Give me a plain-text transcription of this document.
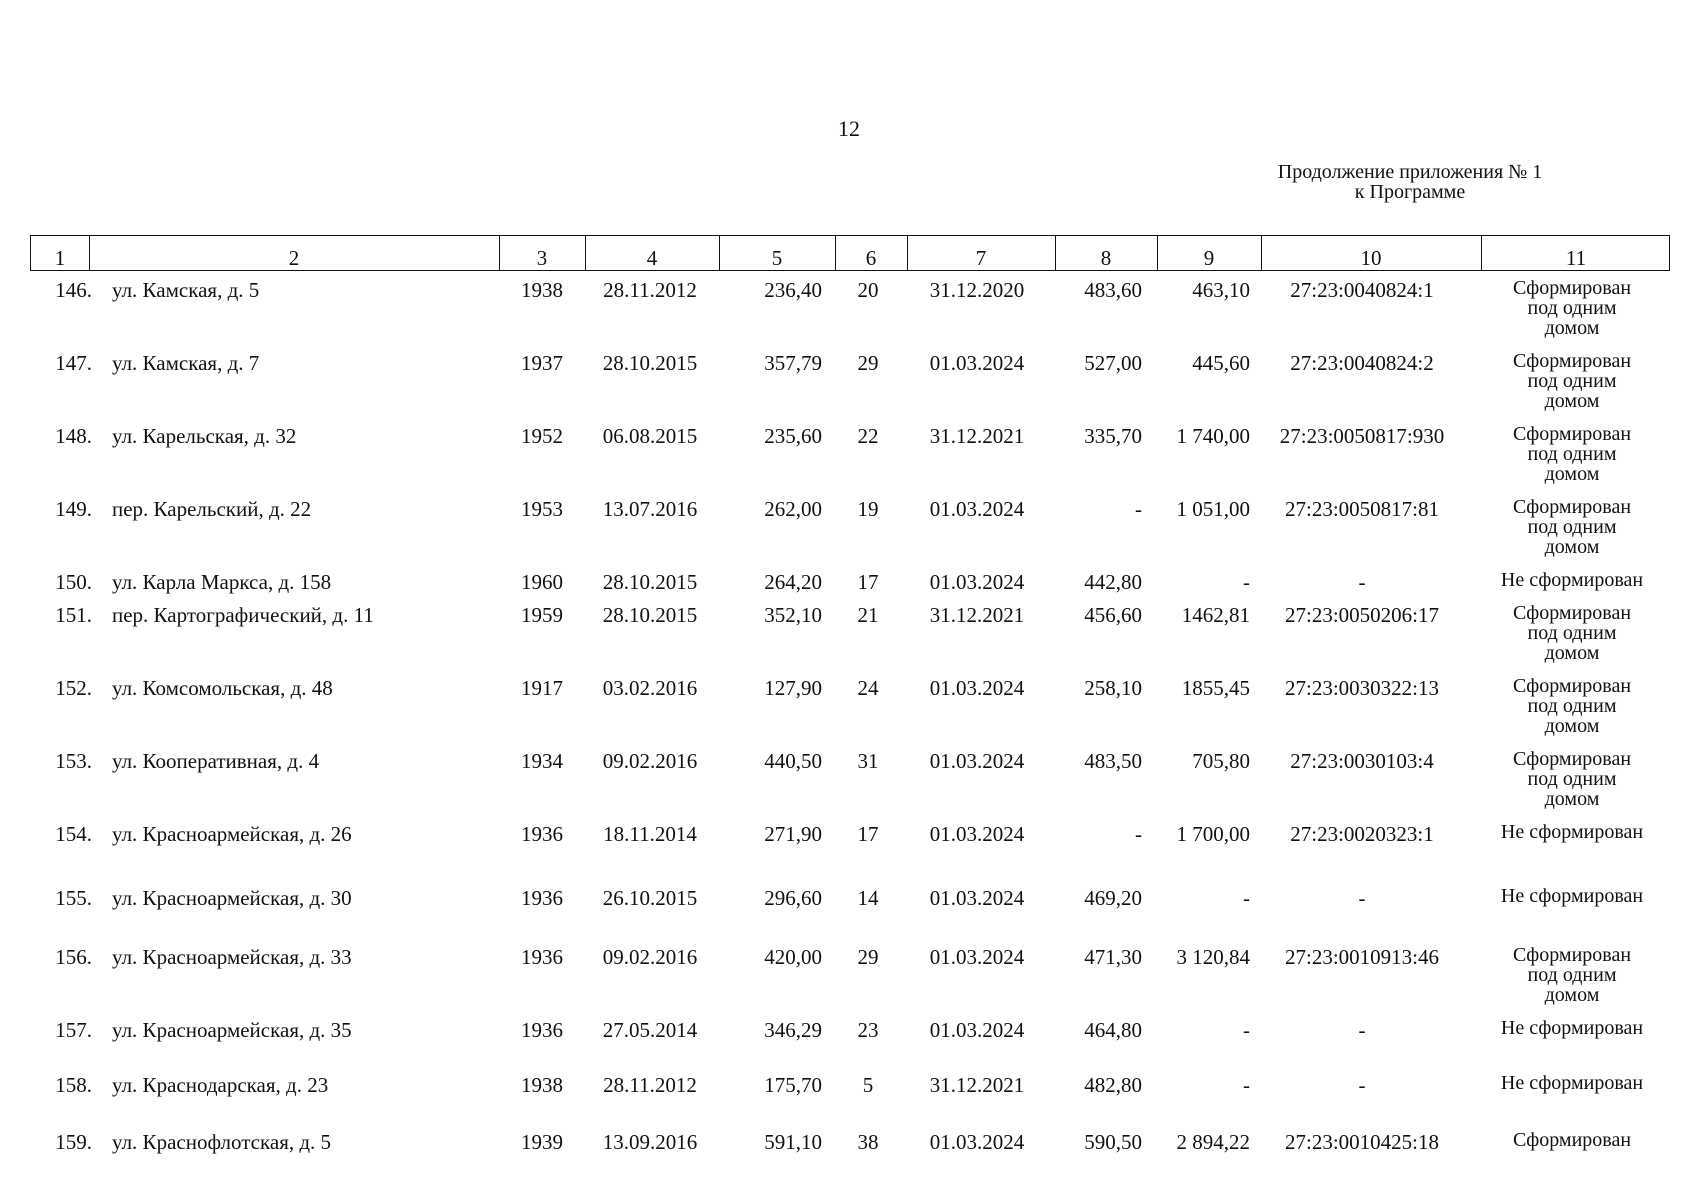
12
Продолжение приложения № 1
к Программе
1	2	3	4	5	6	7	8	9	10	11
146. ул. Камская, д. 5	1938	28.11.2012	236,40	20	31.12.2020	483,60	463,10	27:23:0040824:1	Сформирован
под одним
домом
147. ул. Камская, д. 7	1937	28.10.2015	357,79	29	01.03.2024	527,00	445,60	27:23:0040824:2	Сформирован
под одним
домом
148. ул. Карельская, д. 32	1952	06.08.2015	235,60	22	31.12.2021	335,70	1 740,00	27:23:0050817:930	Сформирован
под одним
домом
149. пер. Карельский, д. 22	1953	13.07.2016	262,00	19	01.03.2024	-	1 051,00	27:23:0050817:81	Сформирован
под одним
домом
150. ул. Карла Маркса, д. 158	1960	28.10.2015	264,20	17	01.03.2024	442,80	-	-	Не сформирован
151. пер. Картографический, д. 11	1959	28.10.2015	352,10	21	31.12.2021	456,60	1462,81	27:23:0050206:17	Сформирован
под одним
домом
152. ул. Комсомольская, д. 48	1917	03.02.2016	127,90	24	01.03.2024	258,10	1855,45	27:23:0030322:13	Сформирован
под одним
домом
153. ул. Кооперативная, д. 4	1934	09.02.2016	440,50	31	01.03.2024	483,50	705,80	27:23:0030103:4	Сформирован
под одним
домом
154. ул. Красноармейская, д. 26	1936	18.11.2014	271,90	17	01.03.2024	-	1 700,00	27:23:0020323:1	Не сформирован
155. ул. Красноармейская, д. 30	1936	26.10.2015	296,60	14	01.03.2024	469,20	-	-	Не сформирован
156. ул. Красноармейская, д. 33	1936	09.02.2016	420,00	29	01.03.2024	471,30	3 120,84	27:23:0010913:46	Сформирован
под одним
домом
157. ул. Красноармейская, д. 35	1936	27.05.2014	346,29	23	01.03.2024	464,80	-	-	Не сформирован
158. ул. Краснодарская, д. 23	1938	28.11.2012	175,70	5	31.12.2021	482,80	-	-	Не сформирован
159. ул. Краснофлотская, д. 5	1939	13.09.2016	591,10	38	01.03.2024	590,50	2 894,22	27:23:0010425:18	Сформирован
